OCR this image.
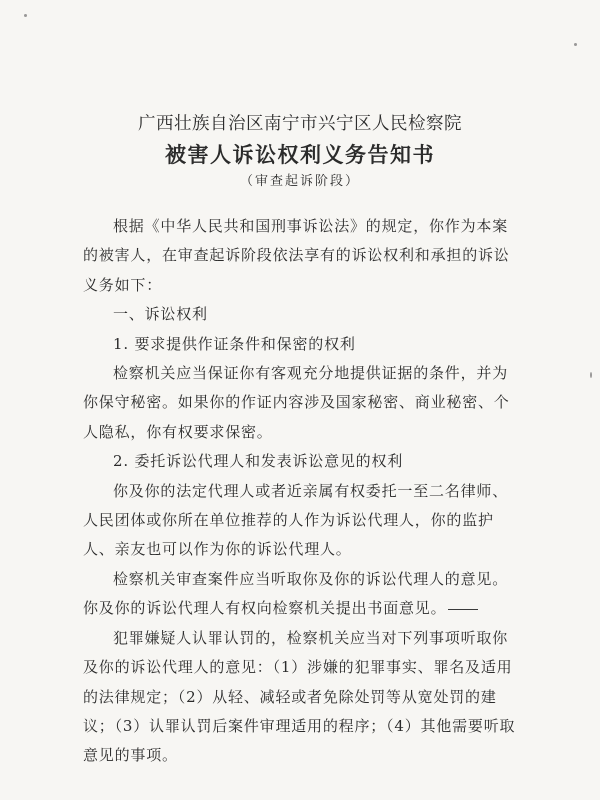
广西壮族自治区南宁市兴宁区人民检察院
被害人诉讼权利义务告知书
（审查起诉阶段）

根据《中华人民共和国刑事诉讼法》的规定，你作为本案的被害人，在审查起诉阶段依法享有的诉讼权利和承担的诉讼义务如下：

一、诉讼权利

1. 要求提供作证条件和保密的权利

检察机关应当保证你有客观充分地提供证据的条件，并为你保守秘密。如果你的作证内容涉及国家秘密、商业秘密、个人隐私，你有权要求保密。

2. 委托诉讼代理人和发表诉讼意见的权利

你及你的法定代理人或者近亲属有权委托一至二名律师、人民团体或你所在单位推荐的人作为诉讼代理人，你的监护人、亲友也可以作为你的诉讼代理人。

检察机关审查案件应当听取你及你的诉讼代理人的意见。你及你的诉讼代理人有权向检察机关提出书面意见。

犯罪嫌疑人认罪认罚的，检察机关应当对下列事项听取你及你的诉讼代理人的意见：（1）涉嫌的犯罪事实、罪名及适用的法律规定；（2）从轻、减轻或者免除处罚等从宽处罚的建议；（3）认罪认罚后案件审理适用的程序；（4）其他需要听取意见的事项。
